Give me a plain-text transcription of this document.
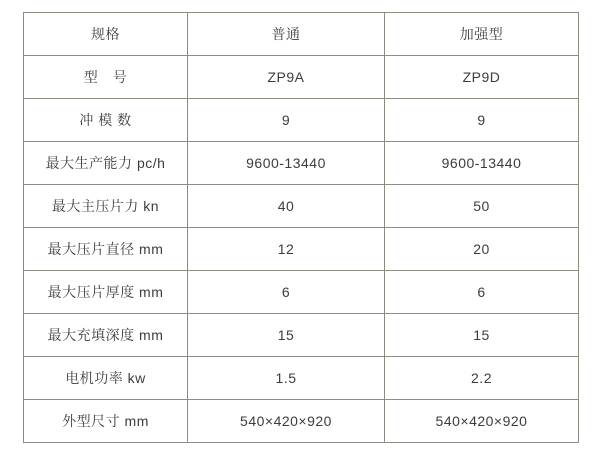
规格	普通	加强型
型　号	ZP9A	ZP9D
冲 模 数	9	9
最大生产能力 pc/h	9600-13440	9600-13440
最大主压片力 kn	40	50
最大压片直径 mm	12	20
最大压片厚度 mm	6	6
最大充填深度 mm	15	15
电机功率 kw	1.5	2.2
外型尺寸 mm	540×420×920	540×420×920
